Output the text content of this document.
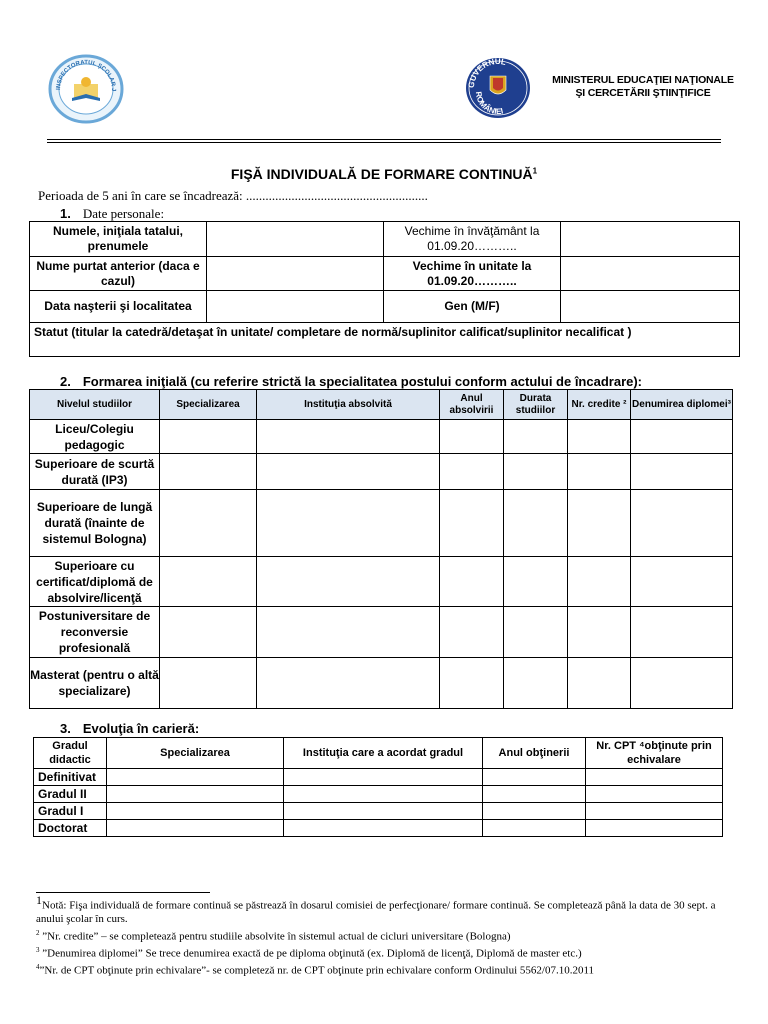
INSPECTORATUL ŞCOLAR J
GUVERNUL
ROMÂNIEI
MINISTERUL EDUCAŢIEI NAŢIONALE
ŞI CERCETĂRII ŞTIINŢIFICE
FIŞĂ INDIVIDUALĂ DE FORMARE CONTINUĂ$^1$
Perioada de 5 ani în care se încadrează: ........................................................
1. Date personale:
Numele, iniţiala tatalui, prenumele		Vechime în învăţământ la 01.09.20………..	
Nume purtat anterior (daca e cazul)		Vechime în unitate la 01.09.20………..	
Data naşterii şi localitatea		Gen (M/F)	
Statut (titular la catedră/detaşat în unitate/ completare de normă/suplinitor calificat/suplinitor necalificat )			
2. Formarea iniţială (cu referire strictă la specialitatea postului conform actului de încadrare):
Nivelul studiilor	Specializarea	Instituţia absolvită	Anul absolvirii	Durata studiilor	Nr. credite ²	Denumirea diplomei³
Liceu/Colegiu pedagogic						
Superioare de scurtă durată (IP3)						
Superioare de lungă durată (înainte de sistemul Bologna)						
Superioare cu certificat/diplomă de absolvire/licenţă						
Postuniversitare de reconversie profesională						
Masterat (pentru o altă specializare)						
3. Evoluţia în carieră:
Gradul didactic	Specializarea	Instituţia care a acordat gradul	Anul obţinerii	Nr. CPT ⁴obţinute prin echivalare
Definitivat				
Gradul II				
Gradul I				
Doctorat				

$^1$Notă: Fişa individuală de formare continuă se păstrează în dosarul comisiei de perfecţionare/ formare continuă. Se completează până la data de 30 sept. a anului şcolar în curs.

$^2$ ”Nr. credite” – se completează pentru studiile absolvite în sistemul actual de cicluri universitare (Bologna)

$^3$ ”Denumirea diplomei” Se trece denumirea exactă de pe diploma obţinută (ex. Diplomă de licenţă, Diplomă de master etc.)

$^4$”Nr. de CPT obţinute prin echivalare”- se completeză nr. de CPT obţinute prin echivalare conform Ordinului 5562/07.10.2011
